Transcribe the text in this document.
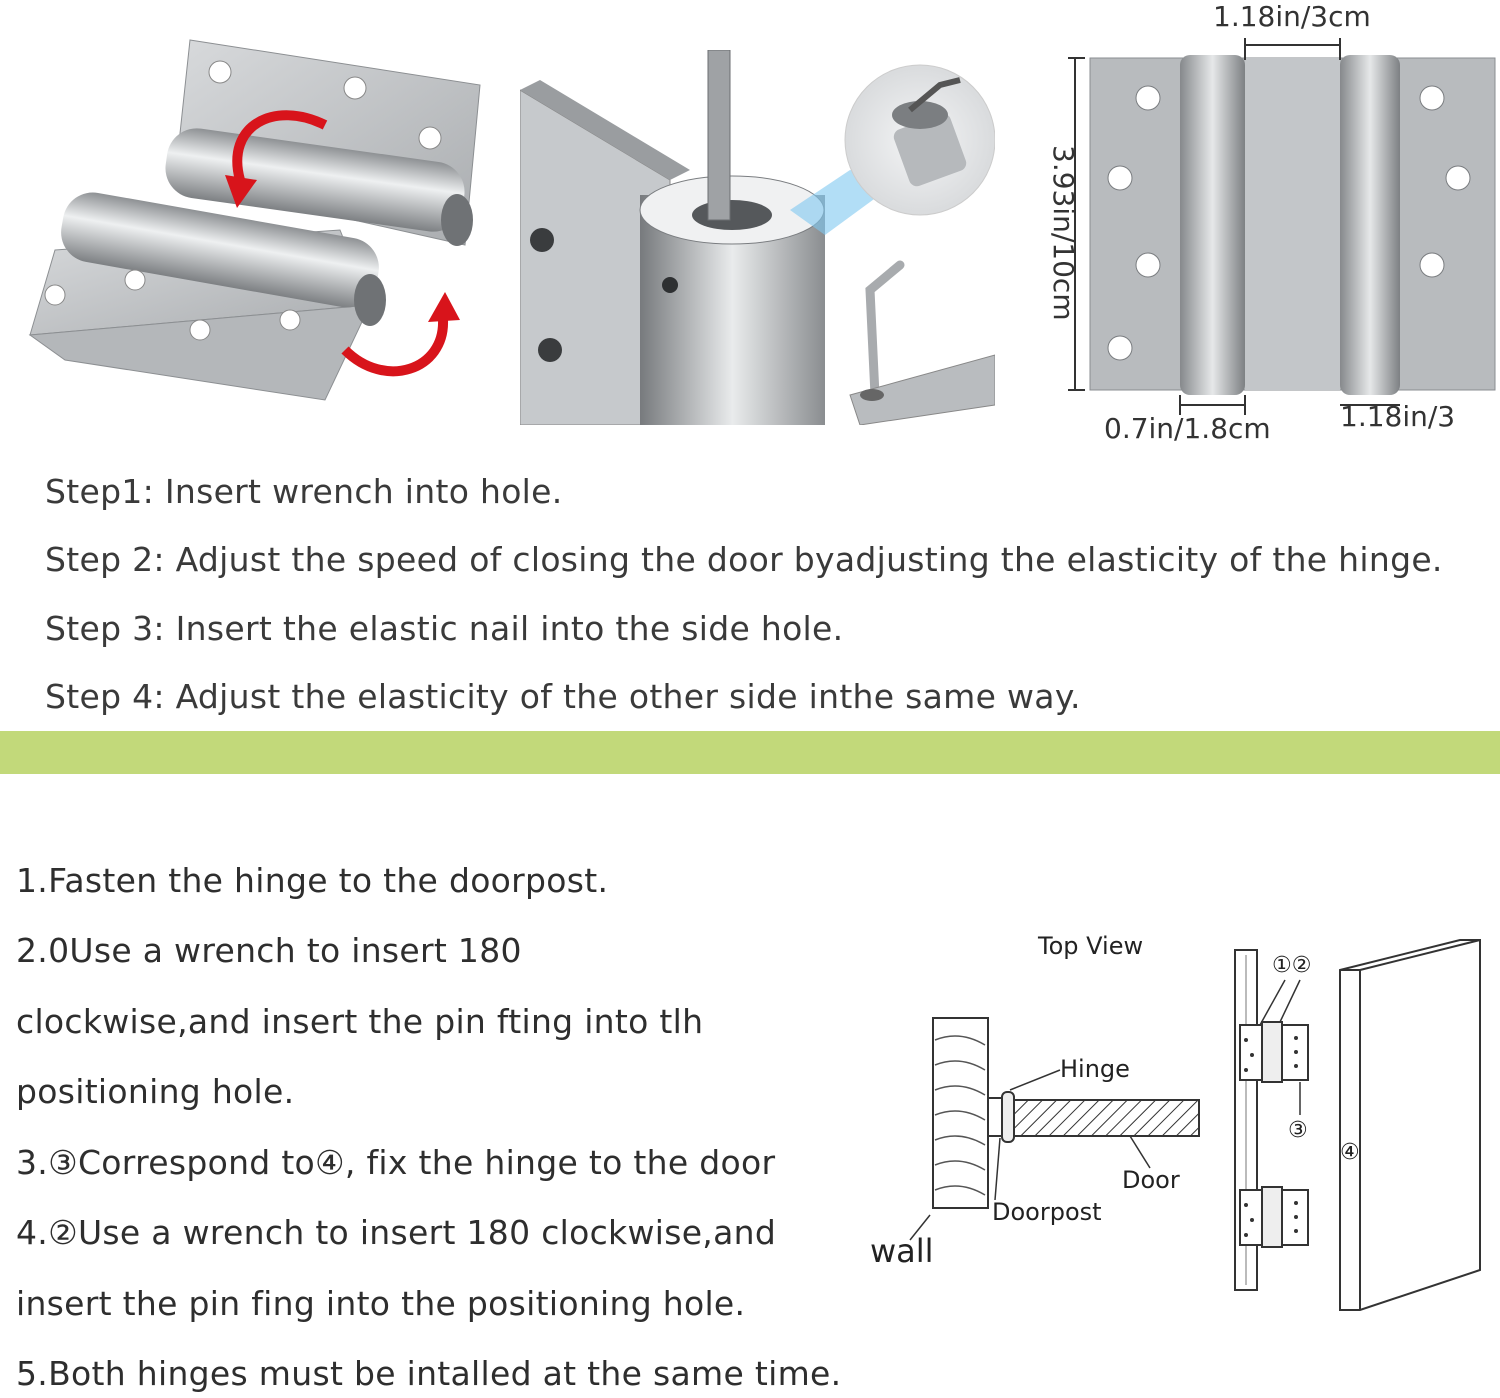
1.18in/3cm
3.93in/10cm
0.7in/1.8cm 1.18in/3
Step1: Insert wrench into hole.
Step 2: Adjust the speed of closing the door byadjusting the elasticity of the hinge.
Step 3: Insert the elastic nail into the side hole.
Step 4: Adjust the elasticity of the other side inthe same way.
1.Fasten the hinge to the doorpost.
2.0Use a wrench to insert 180
clockwise,and insert the pin fting into tlh
positioning hole.
3.③Correspond to④, fix the hinge to the door
4.②Use a wrench to insert 180 clockwise,and
insert the pin fing into the positioning hole.
5.Both hinges must be intalled at the same time.
Top View
Hinge
Door
Doorpost
wall
①②
③
④
